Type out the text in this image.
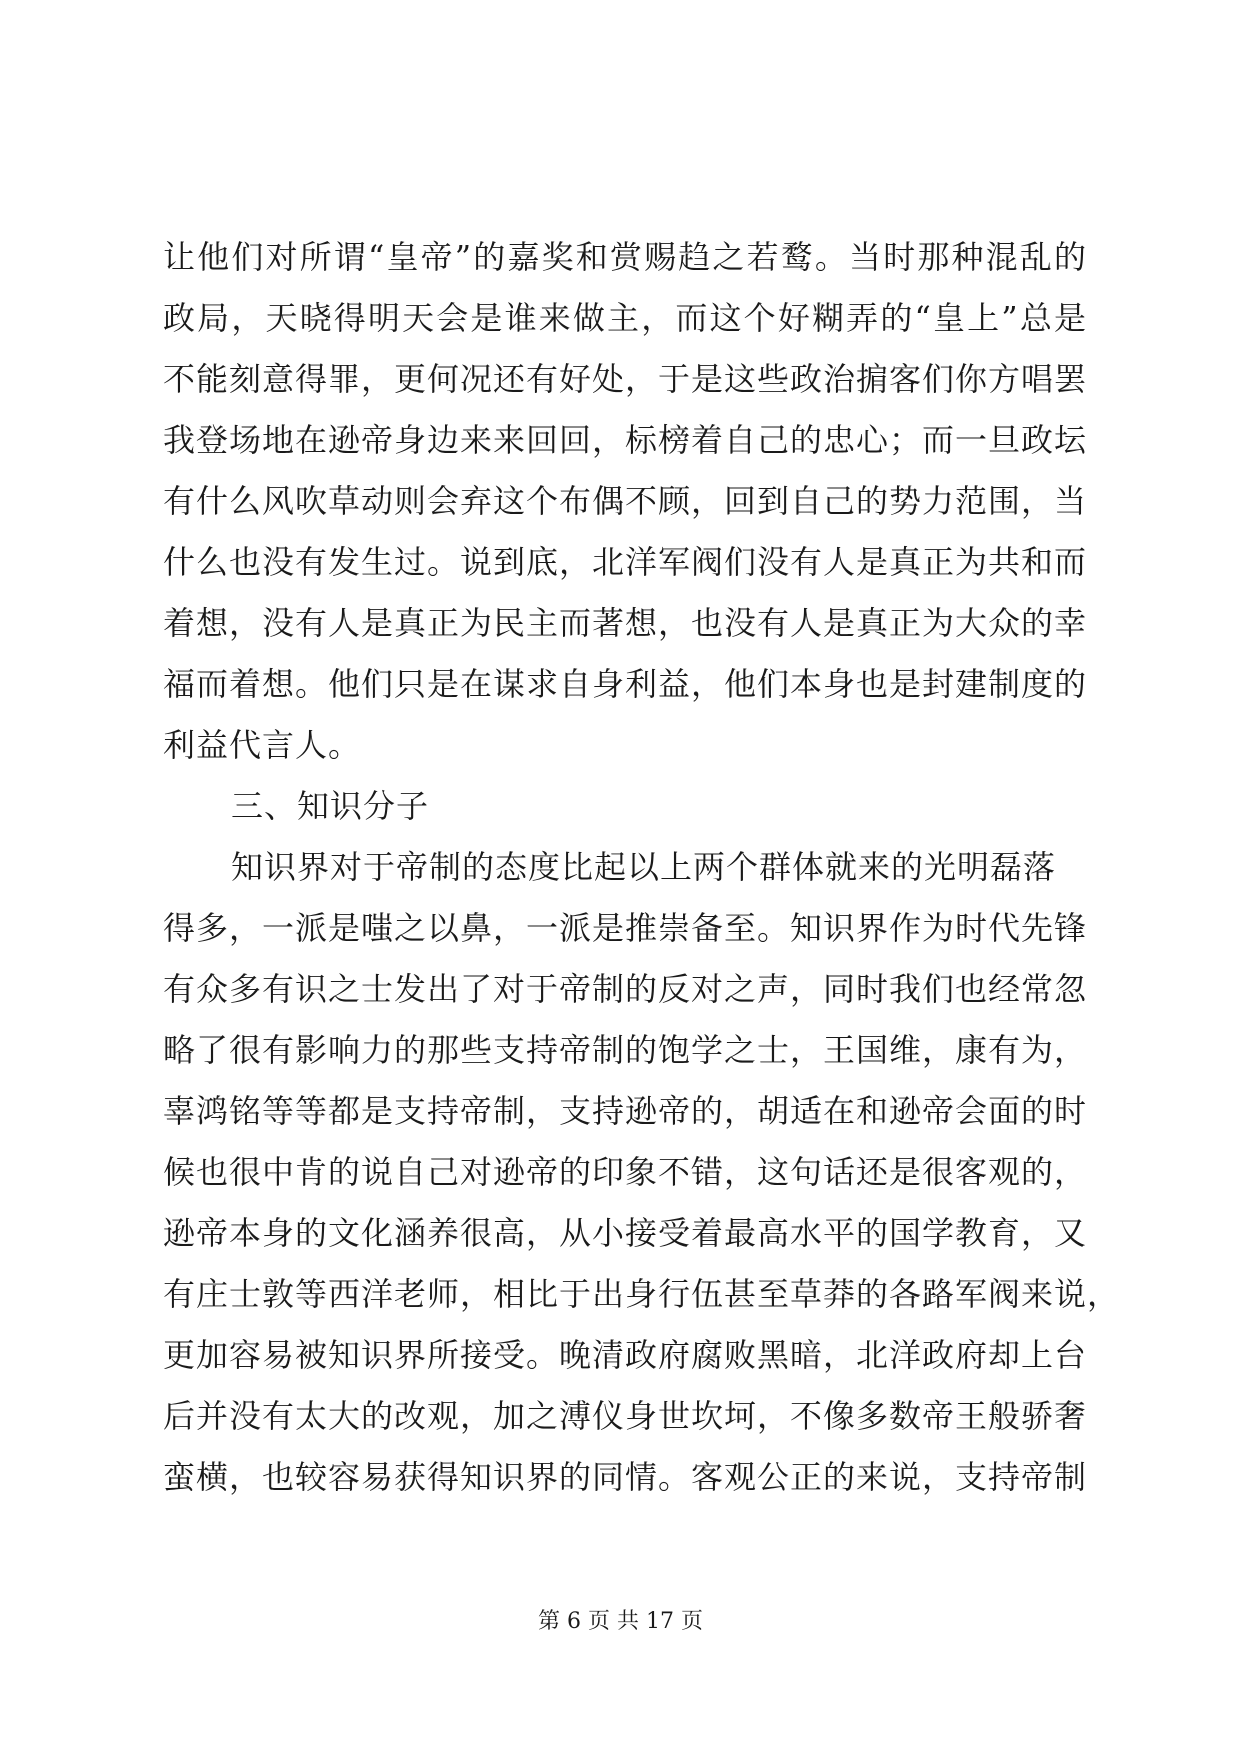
让他们对所谓“皇帝”的嘉奖和赏赐趋之若鹜。当时那种混乱的
政局，天晓得明天会是谁来做主，而这个好糊弄的“皇上”总是
不能刻意得罪，更何况还有好处，于是这些政治掮客们你方唱罢
我登场地在逊帝身边来来回回，标榜着自己的忠心；而一旦政坛
有什么风吹草动则会弃这个布偶不顾，回到自己的势力范围，当
什么也没有发生过。说到底，北洋军阀们没有人是真正为共和而
着想，没有人是真正为民主而著想，也没有人是真正为大众的幸
福而着想。他们只是在谋求自身利益，他们本身也是封建制度的
利益代言人。
三、知识分子
知识界对于帝制的态度比起以上两个群体就来的光明磊落
得多，一派是嗤之以鼻，一派是推崇备至。知识界作为时代先锋
有众多有识之士发出了对于帝制的反对之声，同时我们也经常忽
略了很有影响力的那些支持帝制的饱学之士，王国维，康有为，
辜鸿铭等等都是支持帝制，支持逊帝的，胡适在和逊帝会面的时
候也很中肯的说自己对逊帝的印象不错，这句话还是很客观的，
逊帝本身的文化涵养很高，从小接受着最高水平的国学教育，又
有庄士敦等西洋老师，相比于出身行伍甚至草莽的各路军阀来说，
更加容易被知识界所接受。晚清政府腐败黑暗，北洋政府却上台
后并没有太大的改观，加之溥仪身世坎坷，不像多数帝王般骄奢
蛮横，也较容易获得知识界的同情。客观公正的来说，支持帝制
第 6 页 共 17 页
